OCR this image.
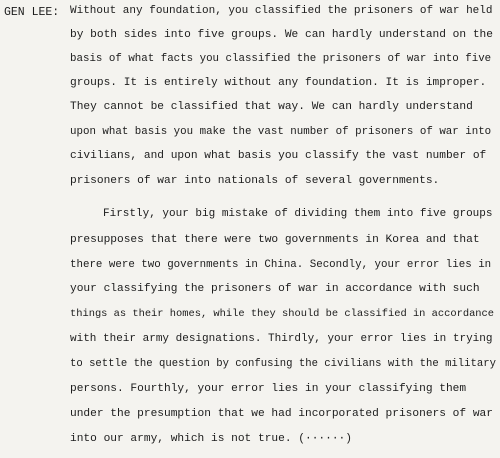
GEN LEE: Without any foundation, you classified the prisoners of war held
by both sides into five groups. We can hardly understand on the
basis of what facts you classified the prisoners of war into five
groups. It is entirely without any foundation. It is improper.
They cannot be classified that way. We can hardly understand
upon what basis you make the vast number of prisoners of war into
civilians, and upon what basis you classify the vast number of
prisoners of war into nationals of several governments.
Firstly, your big mistake of dividing them into five groups
presupposes that there were two governments in Korea and that
there were two governments in China. Secondly, your error lies in
your classifying the prisoners of war in accordance with such
things as their homes, while they should be classified in accordance
with their army designations. Thirdly, your error lies in trying
to settle the question by confusing the civilians with the military
persons. Fourthly, your error lies in your classifying them
under the presumption that we had incorporated prisoners of war
into our army, which is not true. (······)
